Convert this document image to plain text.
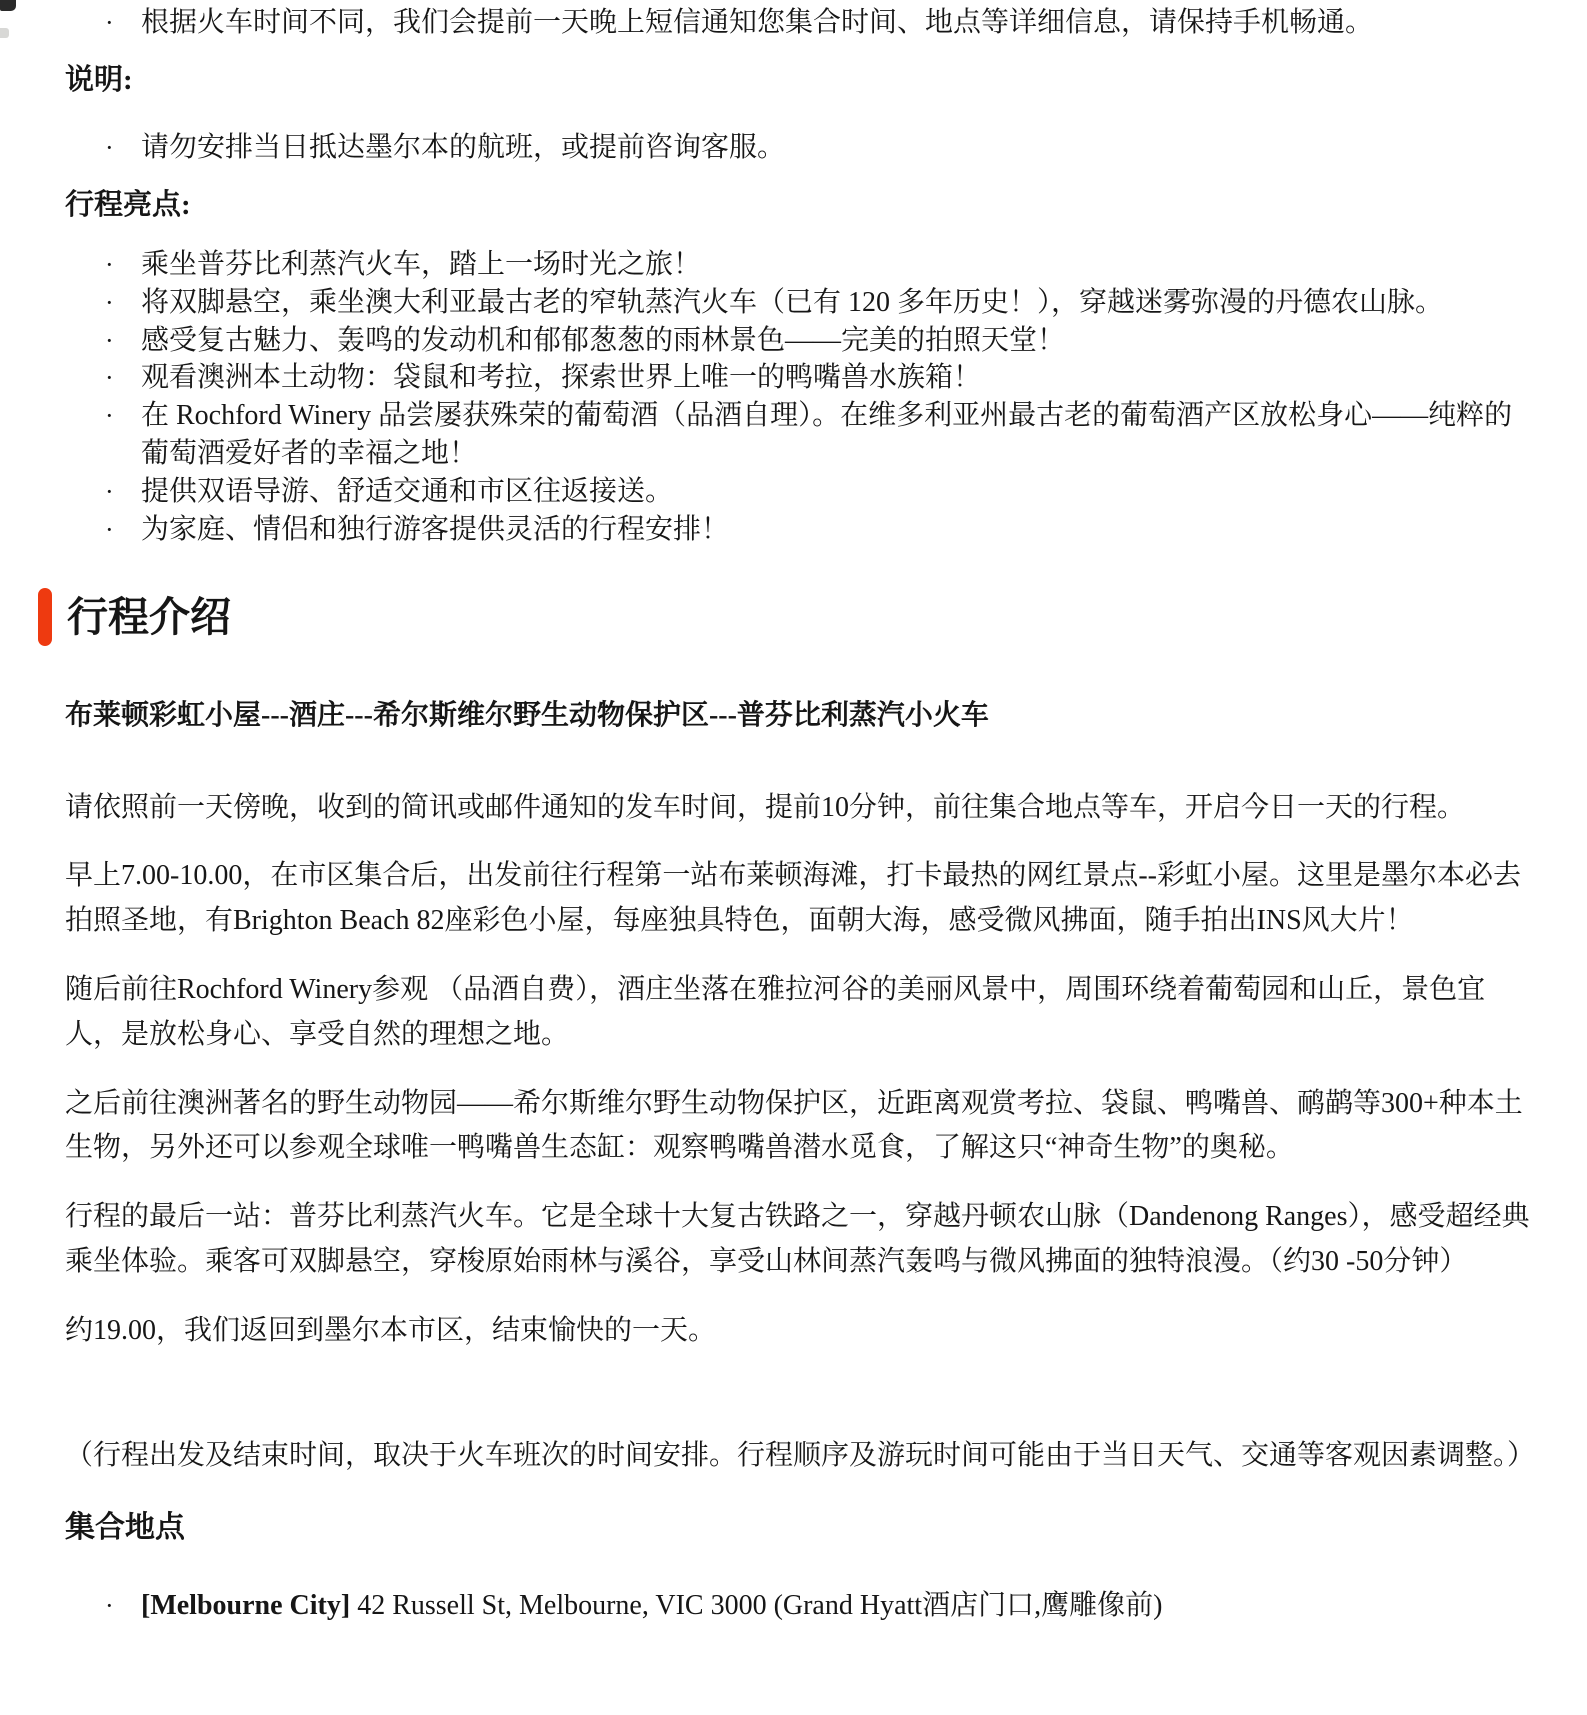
· 根据火车时间不同，我们会提前一天晚上短信通知您集合时间、地点等详细信息，请保持手机畅通。
说明:
· 请勿安排当日抵达墨尔本的航班，或提前咨询客服。
行程亮点:
· 乘坐普芬比利蒸汽火车，踏上一场时光之旅！
· 将双脚悬空，乘坐澳大利亚最古老的窄轨蒸汽火车（已有 120 多年历史！），穿越迷雾弥漫的丹德农山脉。
· 感受复古魅力、轰鸣的发动机和郁郁葱葱的雨林景色——完美的拍照天堂！
· 观看澳洲本土动物：袋鼠和考拉，探索世界上唯一的鸭嘴兽水族箱！
· 在 Rochford Winery 品尝屡获殊荣的葡萄酒（品酒自理）。在维多利亚州最古老的葡萄酒产区放松身心——纯粹的葡萄酒爱好者的幸福之地！
· 提供双语导游、舒适交通和市区往返接送。
· 为家庭、情侣和独行游客提供灵活的行程安排！
行程介绍
布莱顿彩虹小屋---酒庄---希尔斯维尔野生动物保护区---普芬比利蒸汽小火车

请依照前一天傍晚，收到的简讯或邮件通知的发车时间，提前10分钟，前往集合地点等车，开启今日一天的行程。

早上7.00-10.00，在市区集合后，出发前往行程第一站布莱顿海滩，打卡最热的网红景点--彩虹小屋。这里是墨尔本必去拍照圣地，有Brighton Beach 82座彩色小屋，每座独具特色，面朝大海，感受微风拂面，随手拍出INS风大片！

随后前往Rochford Winery参观 （品酒自费），酒庄坐落在雅拉河谷的美丽风景中，周围环绕着葡萄园和山丘，景色宜人，是放松身心、享受自然的理想之地。

之后前往澳洲著名的野生动物园——希尔斯维尔野生动物保护区，近距离观赏考拉、袋鼠、鸭嘴兽、鸸鹋等300+种本土生物，另外还可以参观全球唯一鸭嘴兽生态缸：观察鸭嘴兽潜水觅食，了解这只“神奇生物”的奥秘。

行程的最后一站：普芬比利蒸汽火车。它是全球十大复古铁路之一，穿越丹顿农山脉（Dandenong Ranges），感受超经典乘坐体验。乘客可双脚悬空，穿梭原始雨林与溪谷，享受山林间蒸汽轰鸣与微风拂面的独特浪漫。（约30 -50分钟）

约19.00，我们返回到墨尔本市区，结束愉快的一天。

（行程出发及结束时间，取决于火车班次的时间安排。行程顺序及游玩时间可能由于当日天气、交通等客观因素调整。）

集合地点
· [Melbourne City] 42 Russell St, Melbourne, VIC 3000 (Grand Hyatt酒店门口,鹰雕像前)
